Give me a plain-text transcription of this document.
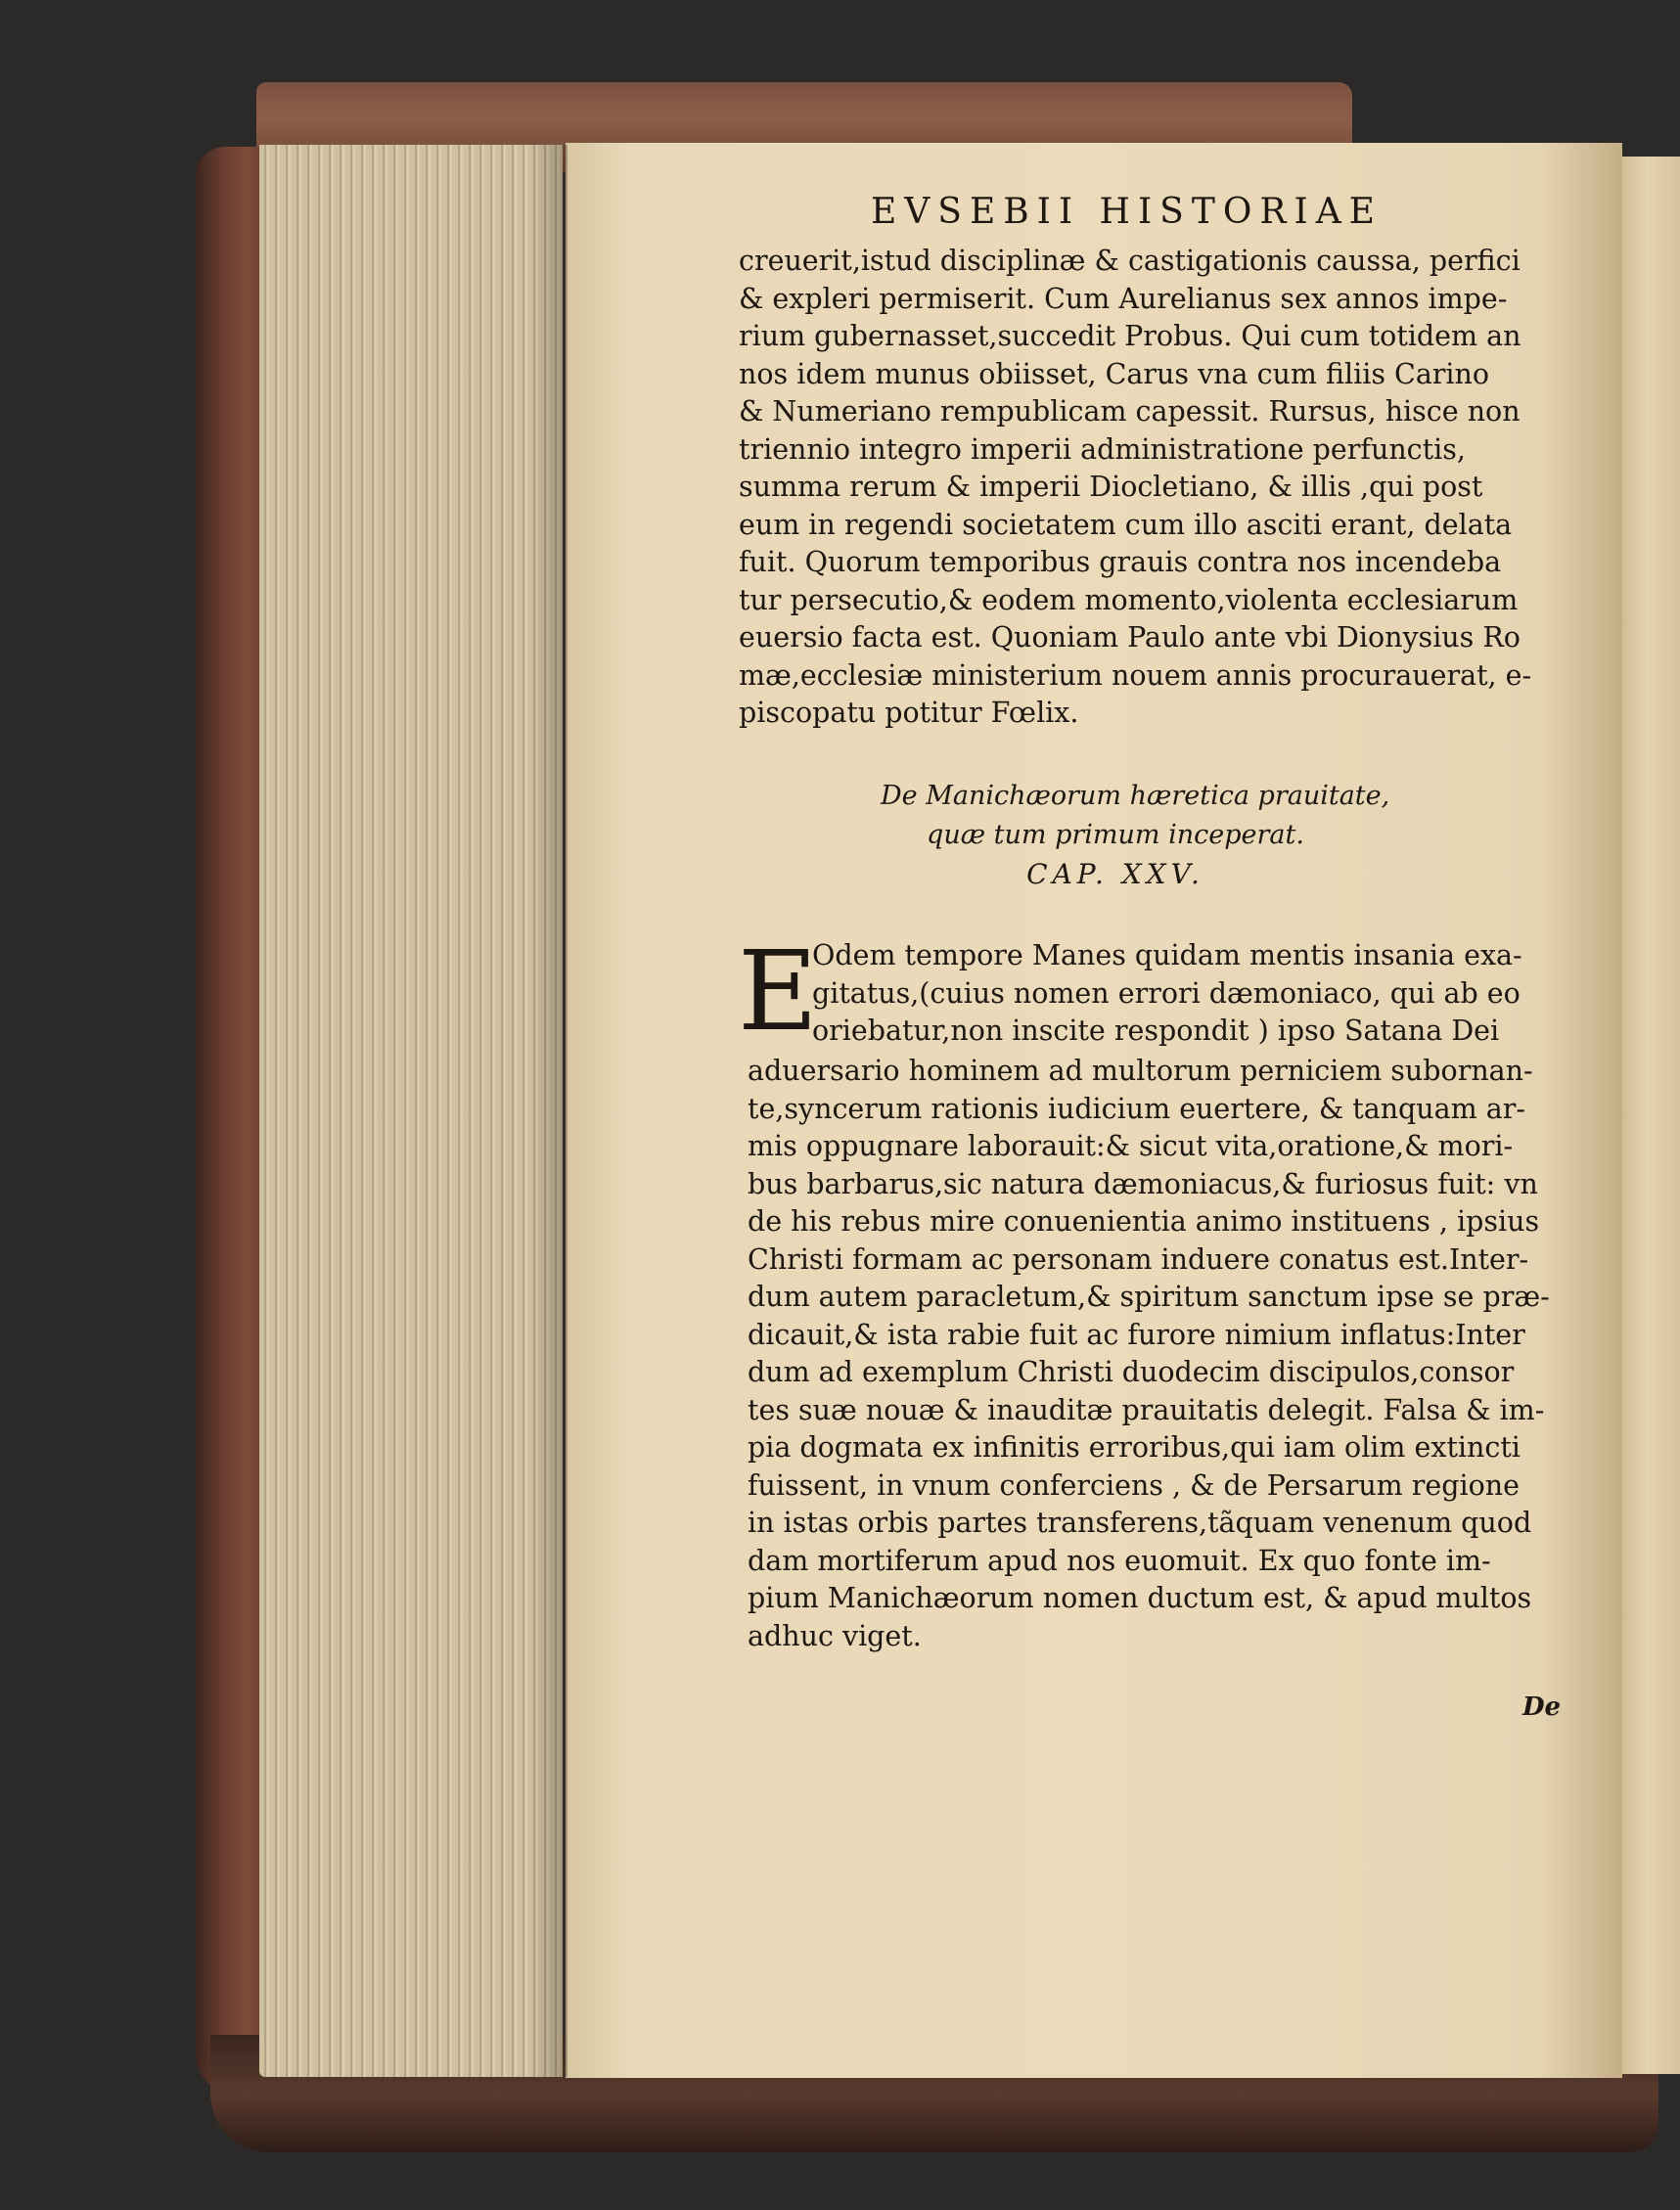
EVSEBII HISTORIAE
creuerit,istud disciplinæ & castigationis caussa, perfici
& expleri permiserit. Cum Aurelianus sex annos impe-
rium gubernasset,succedit Probus. Qui cum totidem an
nos idem munus obiisset, Carus vna cum filiis Carino
& Numeriano rempublicam capessit. Rursus, hisce non
triennio integro imperii administratione perfunctis,
summa rerum & imperii Diocletiano, & illis ,qui post
eum in regendi societatem cum illo asciti erant, delata
fuit. Quorum temporibus grauis contra nos incendeba
tur persecutio,& eodem momento,violenta ecclesiarum
euersio facta est. Quoniam Paulo ante vbi Dionysius Ro
mæ,ecclesiæ ministerium nouem annis procurauerat, e-
piscopatu potitur Fœlix.
De Manichæorum hæretica prauitate,
quæ tum primum inceperat.
CAP. XXV.
E
Odem tempore Manes quidam mentis insania exa-
gitatus,(cuius nomen errori dæmoniaco, qui ab eo
oriebatur,non inscite respondit ) ipso Satana Dei
aduersario hominem ad multorum perniciem subornan-
te,syncerum rationis iudicium euertere, & tanquam ar-
mis oppugnare laborauit:& sicut vita,oratione,& mori-
bus barbarus,sic natura dæmoniacus,& furiosus fuit: vn
de his rebus mire conuenientia animo instituens , ipsius
Christi formam ac personam induere conatus est.Inter-
dum autem paracletum,& spiritum sanctum ipse se præ-
dicauit,& ista rabie fuit ac furore nimium inflatus:Inter
dum ad exemplum Christi duodecim discipulos,consor
tes suæ nouæ & inauditæ prauitatis delegit. Falsa & im-
pia dogmata ex infinitis erroribus,qui iam olim extincti
fuissent, in vnum conferciens , & de Persarum regione
in istas orbis partes transferens,tãquam venenum quod
dam mortiferum apud nos euomuit. Ex quo fonte im-
pium Manichæorum nomen ductum est, & apud multos
adhuc viget.
De
